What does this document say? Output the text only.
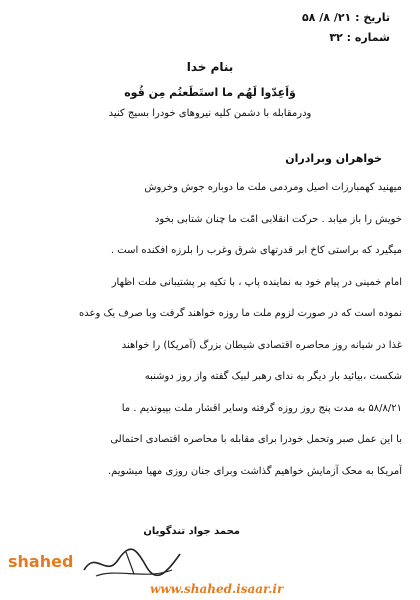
تاریخ : ۲۱/ ۸/ ۵۸
شماره : ۳۲
بنام خدا
وَاَعِدّوا لَهُم ما استَطَعتُم مِن قُوه
ودرمقابله با دشمن کلیه نیروهای خودرا بسیج کنید
خواهران وبرادران

میهنید کهمبارزات اصیل ومردمی ملت ما دوباره جوش وخروش

خویش را باز میابد . حرکت انقلابی امّت ما چنان شتابی بخود

میگیرد که براستی کاخ ابر قدرتهای شرق وغرب را بلرزه افکنده است .

امام خمینی در پیام خود به نماینده پاپ ، با تکیه بر پشتیبانی ملت اظهار

نموده است که در صورت لزوم ملت ما روزه خواهند گرفت وبا صرف یک وعده

غذا در شبانه روز محاصره اقتصادی شیطان بزرگ (آمریکا) را خواهند

شکست ،بیائید بار دیگر به ندای رهبر لبیک گفته واز روز دوشنبه

۵۸/۸/۲۱ به مدت پنج روز روزه گرفته وسایر اقشار ملت بپیوندیم . ما

با این عمل صبر وتحمل خودرا برای مقابله با محاصره اقتصادی احتمالی

آمریکا به محک آزمایش خواهیم گذاشت وبرای جنان روزی مهیا میشویم.

محمد جواد تندگویان
shahed
www.shahed.isaar.ir
